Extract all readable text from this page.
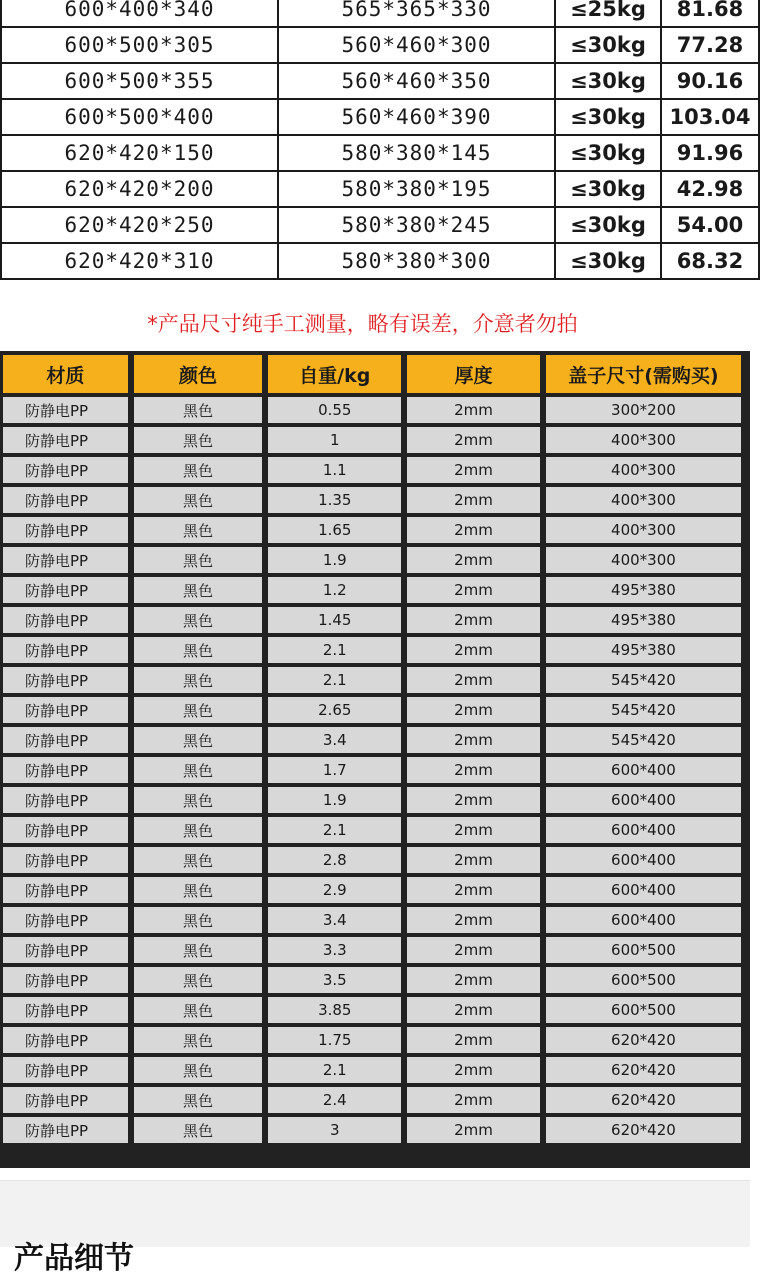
600*400*340	565*365*330	≤25kg	81.68
600*500*305	560*460*300	≤30kg	77.28
600*500*355	560*460*350	≤30kg	90.16
600*500*400	560*460*390	≤30kg	103.04
620*420*150	580*380*145	≤30kg	91.96
620*420*200	580*380*195	≤30kg	42.98
620*420*250	580*380*245	≤30kg	54.00
620*420*310	580*380*300	≤30kg	68.32
*产品尺寸纯手工测量，略有误差，介意者勿拍
材质	颜色	自重/kg	厚度	盖子尺寸(需购买)
防静电PP	黑色	0.55	2mm	300*200
防静电PP	黑色	1	2mm	400*300
防静电PP	黑色	1.1	2mm	400*300
防静电PP	黑色	1.35	2mm	400*300
防静电PP	黑色	1.65	2mm	400*300
防静电PP	黑色	1.9	2mm	400*300
防静电PP	黑色	1.2	2mm	495*380
防静电PP	黑色	1.45	2mm	495*380
防静电PP	黑色	2.1	2mm	495*380
防静电PP	黑色	2.1	2mm	545*420
防静电PP	黑色	2.65	2mm	545*420
防静电PP	黑色	3.4	2mm	545*420
防静电PP	黑色	1.7	2mm	600*400
防静电PP	黑色	1.9	2mm	600*400
防静电PP	黑色	2.1	2mm	600*400
防静电PP	黑色	2.8	2mm	600*400
防静电PP	黑色	2.9	2mm	600*400
防静电PP	黑色	3.4	2mm	600*400
防静电PP	黑色	3.3	2mm	600*500
防静电PP	黑色	3.5	2mm	600*500
防静电PP	黑色	3.85	2mm	600*500
防静电PP	黑色	1.75	2mm	620*420
防静电PP	黑色	2.1	2mm	620*420
防静电PP	黑色	2.4	2mm	620*420
防静电PP	黑色	3	2mm	620*420
产品细节
